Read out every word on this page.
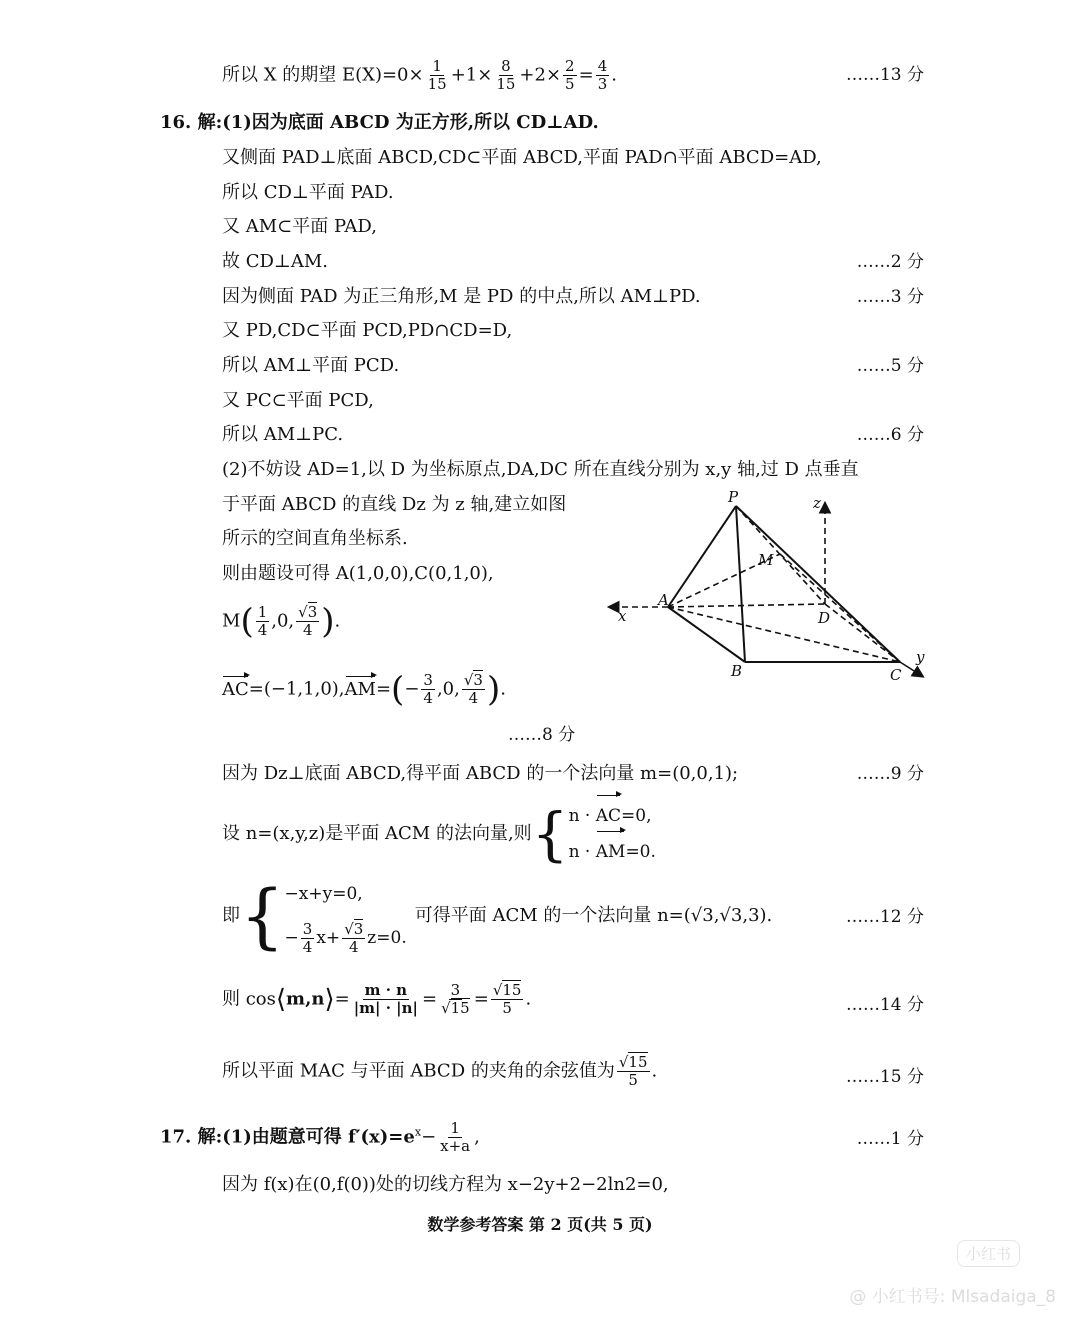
所以 X 的期望 $E(X)=0\times \frac{1}{15} +1\times \frac{8}{15} +2\times \frac{2}{5} = \frac{4}{3}$ .	……13 分
16. 解:(1)因为底面 ABCD 为正方形,所以 CD⊥AD.
又侧面 PAD⊥底面 ABCD,CD⊂平面 ABCD,平面 PAD∩平面 ABCD=AD,
所以 CD⊥平面 PAD.
又 AM⊂平面 PAD,
故 CD⊥AM.	……2 分
因为侧面 PAD 为正三角形,M 是 PD 的中点,所以 AM⊥PD.	……3 分
又 PD,CD⊂平面 PCD,PD∩CD=D,
所以 AM⊥平面 PCD.	……5 分
又 PC⊂平面 PCD,
所以 AM⊥PC.	……6 分
(2)不妨设 AD=1,以 D 为坐标原点,DA,DC 所在直线分别为 x,y 轴,过 D 点垂直
于平面 ABCD 的直线 Dz 为 z 轴,建立如图
所示的空间直角坐标系.
则由题设可得 A(1,0,0),C(0,1,0),
$M( \frac{1}{4} ,0$, $\frac{√3}{4}$ ).
$AC=(-1,1,0),AM=(- \frac{3}{4} ,0$, $\frac{√3}{4}$ ).
……8 分
因为 Dz⊥底面 ABCD,得平面 ABCD 的一个法向量 m=(0,0,1);	……9 分
设 n=(x,y,z)是平面 ACM 的法向量,则{ n · AC=0,
n · AM=0.
即{ −x+y=0,
− $\frac{3}{4} x+ \frac{√3}{4} z=0$.
可得平面 ACM 的一个法向量 n=(√3,√3,3).	……12 分
则 cos⟨m,n⟩= $\frac{m \cdot n}{|m| \cdot |n|} = \frac{3}{√15} = \frac{√15}{5}$ .	……14 分
所以平面 MAC 与平面 ABCD 的夹角的余弦值为 $\frac{√15}{5}$ .	……15 分
17. 解:(1)由题意可得 $f'(x)=e^x- \frac{1}{x+a}$ ,	……1 分
因为 f(x)在(0,f(0))处的切线方程为 x−2y+2−2ln2=0,
数学参考答案 第 2 页(共 5 页)
小红书
@ 小红书号: Mlsadaiga_8
P	z
M
A
x	D
B	C
y
